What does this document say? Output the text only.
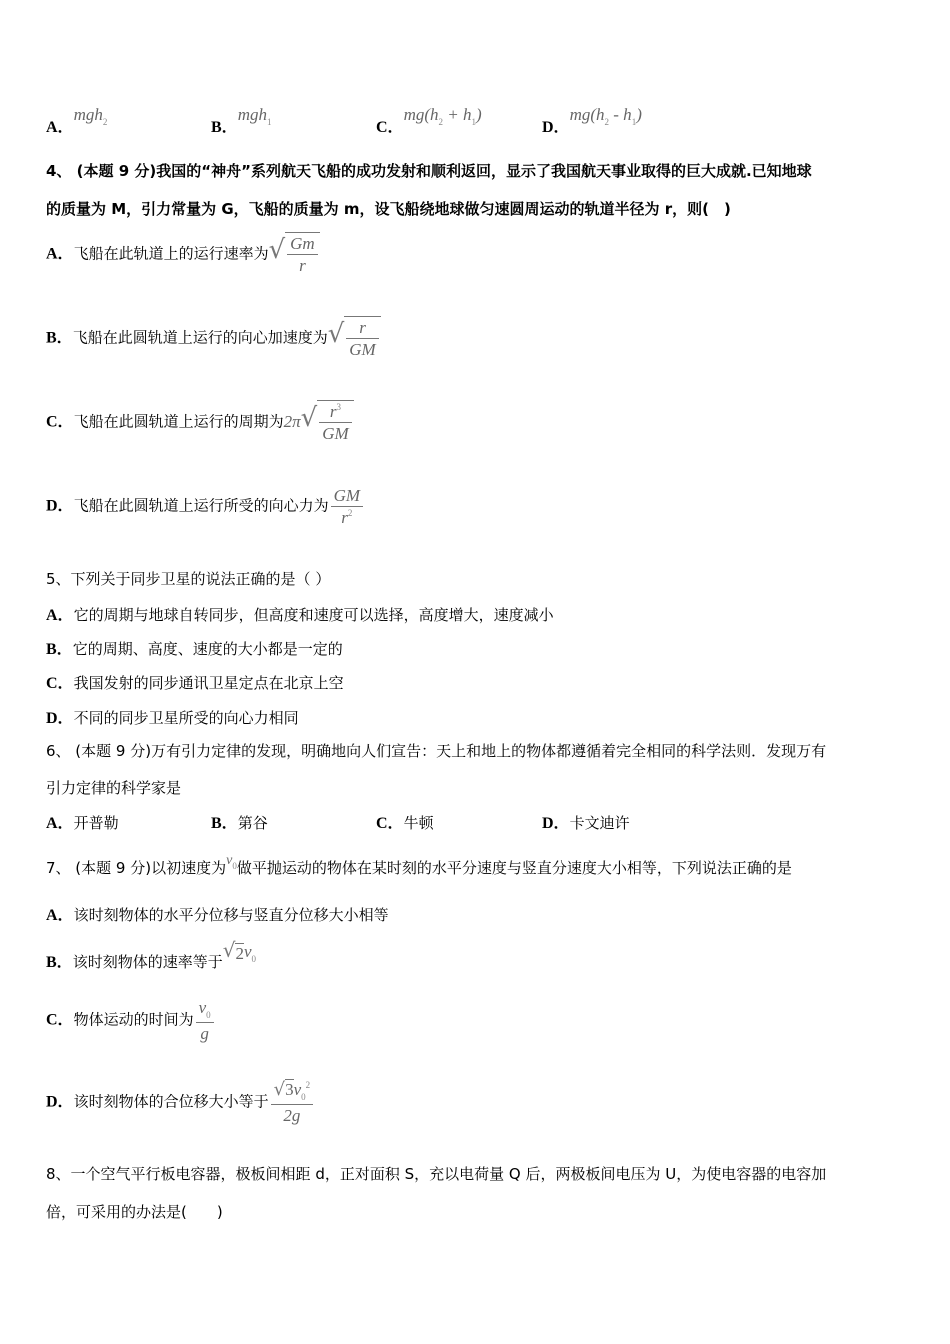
A．mgh$_2$	B．mgh$_1$	C．$mg(h_2 + h_1)$
D．$mg(h_2 - h_1)$
4、 (本题 9 分)我国的“神舟”系列航天飞船的成功发射和顺利返回，显示了我国航天事业取得的巨大成就.已知地球
的质量为 M，引力常量为 G，飞船的质量为 m，设飞船绕地球做匀速圆周运动的轨道半径为 r，则(　)
A．飞船在此轨道上的运行速率为√ $\frac{Gm}{r}$
B．飞船在此圆轨道上运行的向心加速度为√ $\frac{r}{GM}$
C．飞船在此圆轨道上运行的周期为$2\pi√ \frac{r^3}{GM}$
D．飞船在此圆轨道上运行所受的向心力为 $\frac{GM}{r^2}$
5、下列关于同步卫星的说法正确的是（ ）
A．它的周期与地球自转同步，但高度和速度可以选择，高度增大，速度减小
B．它的周期、高度、速度的大小都是一定的
C．我国发射的同步通讯卫星定点在北京上空
D．不同的同步卫星所受的向心力相同
6、 (本题 9 分)万有引力定律的发现，明确地向人们宣告：天上和地上的物体都遵循着完全相同的科学法则．发现万有
引力定律的科学家是
A．开普勒	B．第谷	C．牛顿	D．卡文迪许
7、 (本题 9 分)以初速度为$v_0$做平抛运动的物体在某时刻的水平分速度与竖直分速度大小相等，下列说法正确的是
A．该时刻物体的水平分位移与竖直分位移大小相等
B．该时刻物体的速率等于$√2v_0$
C．物体运动的时间为 $\frac{v_0}{g}$
D．该时刻物体的合位移大小等于 $\frac{√3v_0^2}{2g}$
8、一个空气平行板电容器，极板间相距 d，正对面积 S，充以电荷量 Q 后，两极板间电压为 U，为使电容器的电容加
倍，可采用的办法是(　　)
